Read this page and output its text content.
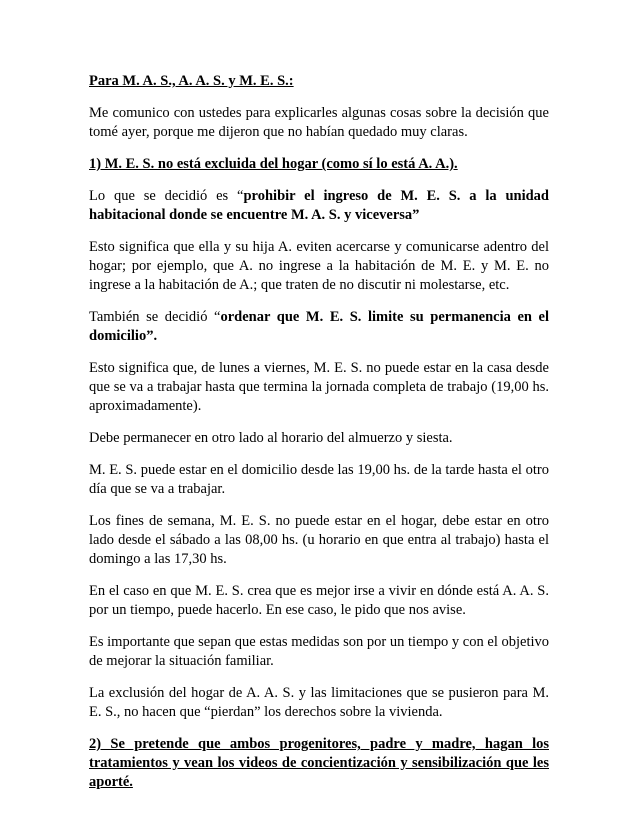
Para M. A. S., A. A. S. y M. E. S.:

Me comunico con ustedes para explicarles algunas cosas sobre la decisión que tomé ayer, porque me dijeron que no habían quedado muy claras.

1) M. E. S. no está excluida del hogar (como sí lo está A. A.).

Lo que se decidió es “prohibir el ingreso de M. E. S. a la unidad habitacional donde se encuentre M. A. S. y viceversa”

Esto significa que ella y su hija A. eviten acercarse y comunicarse adentro del hogar; por ejemplo, que A. no ingrese a la habitación de M. E. y M. E. no ingrese a la habitación de A.; que traten de no discutir ni molestarse, etc.

También se decidió “ordenar que M. E. S. limite su permanencia en el domicilio”.

Esto significa que, de lunes a viernes, M. E. S. no puede estar en la casa desde que se va a trabajar hasta que termina la jornada completa de trabajo (19,00 hs. aproximadamente).

Debe permanecer en otro lado al horario del almuerzo y siesta.

M. E. S. puede estar en el domicilio desde las 19,00 hs. de la tarde hasta el otro día que se va a trabajar.

Los fines de semana, M. E. S. no puede estar en el hogar, debe estar en otro lado desde el sábado a las 08,00 hs. (u horario en que entra al trabajo) hasta el domingo a las 17,30 hs.

En el caso en que M. E. S. crea que es mejor irse a vivir en dónde está A. A. S. por un tiempo, puede hacerlo. En ese caso, le pido que nos avise.

Es importante que sepan que estas medidas son por un tiempo y con el objetivo de mejorar la situación familiar.

La exclusión del hogar de A. A. S. y las limitaciones que se pusieron para M. E. S., no hacen que “pierdan” los derechos sobre la vivienda.

2) Se pretende que ambos progenitores, padre y madre, hagan los tratamientos y vean los videos de concientización y sensibilización que les aporté.
